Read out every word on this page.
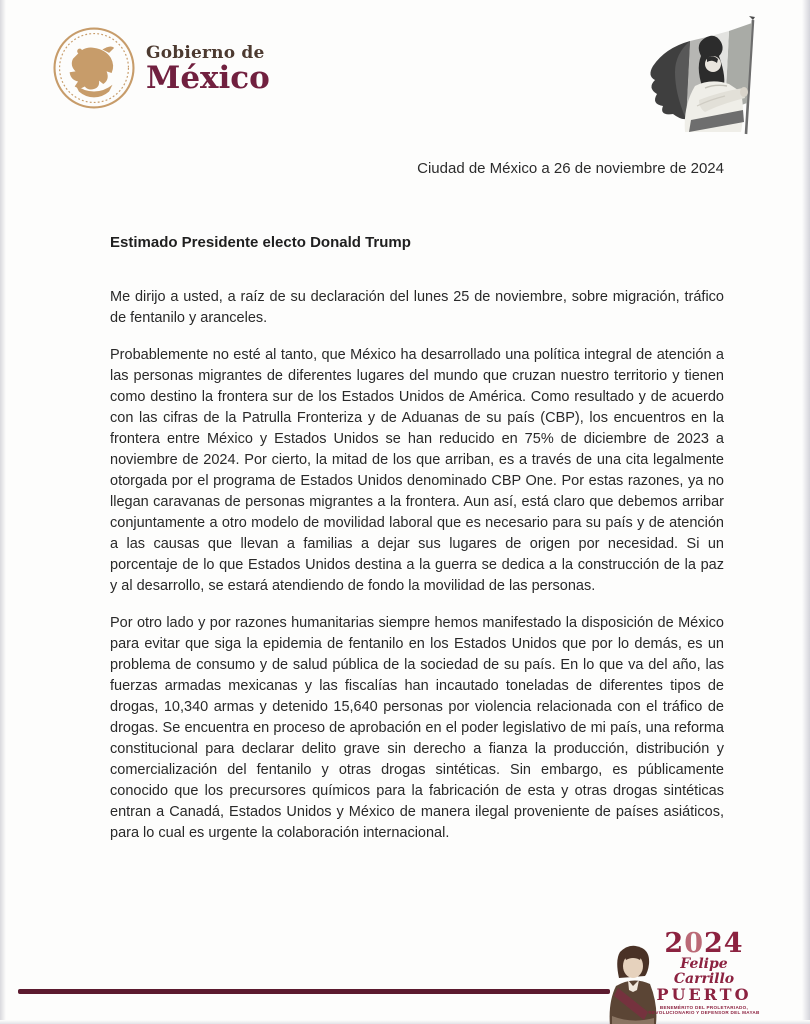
Gobierno de
México
Ciudad de México a 26 de noviembre de 2024
Estimado Presidente electo Donald Trump

Me dirijo a usted, a raíz de su declaración del lunes 25 de noviembre, sobre migración, tráfico de fentanilo y aranceles.

Probablemente no esté al tanto, que México ha desarrollado una política integral de atención a las personas migrantes de diferentes lugares del mundo que cruzan nuestro territorio y tienen como destino la frontera sur de los Estados Unidos de América. Como resultado y de acuerdo con las cifras de la Patrulla Fronteriza y de Aduanas de su país (CBP), los encuentros en la frontera entre México y Estados Unidos se han reducido en 75% de diciembre de 2023 a noviembre de 2024. Por cierto, la mitad de los que arriban, es a través de una cita legalmente otorgada por el programa de Estados Unidos denominado CBP One. Por estas razones, ya no llegan caravanas de personas migrantes a la frontera. Aun así, está claro que debemos arribar conjuntamente a otro modelo de movilidad laboral que es necesario para su país y de atención a las causas que llevan a familias a dejar sus lugares de origen por necesidad. Si un porcentaje de lo que Estados Unidos destina a la guerra se dedica a la construcción de la paz y al desarrollo, se estará atendiendo de fondo la movilidad de las personas.

Por otro lado y por razones humanitarias siempre hemos manifestado la disposición de México para evitar que siga la epidemia de fentanilo en los Estados Unidos que por lo demás, es un problema de consumo y de salud pública de la sociedad de su país. En lo que va del año, las fuerzas armadas mexicanas y las fiscalías han incautado toneladas de diferentes tipos de drogas, 10,340 armas y detenido 15,640 personas por violencia relacionada con el tráfico de drogas. Se encuentra en proceso de aprobación en el poder legislativo de mi país, una reforma constitucional para declarar delito grave sin derecho a fianza la producción, distribución y comercialización del fentanilo y otras drogas sintéticas. Sin embargo, es públicamente conocido que los precursores químicos para la fabricación de esta y otras drogas sintéticas entran a Canadá, Estados Unidos y México de manera ilegal proveniente de países asiáticos, para lo cual es urgente la colaboración internacional.

2024
Felipe Carrillo
PUERTO
BENEMÉRITO DEL PROLETARIADO, REVOLUCIONARIO Y DEFENSOR DEL MAYAB
